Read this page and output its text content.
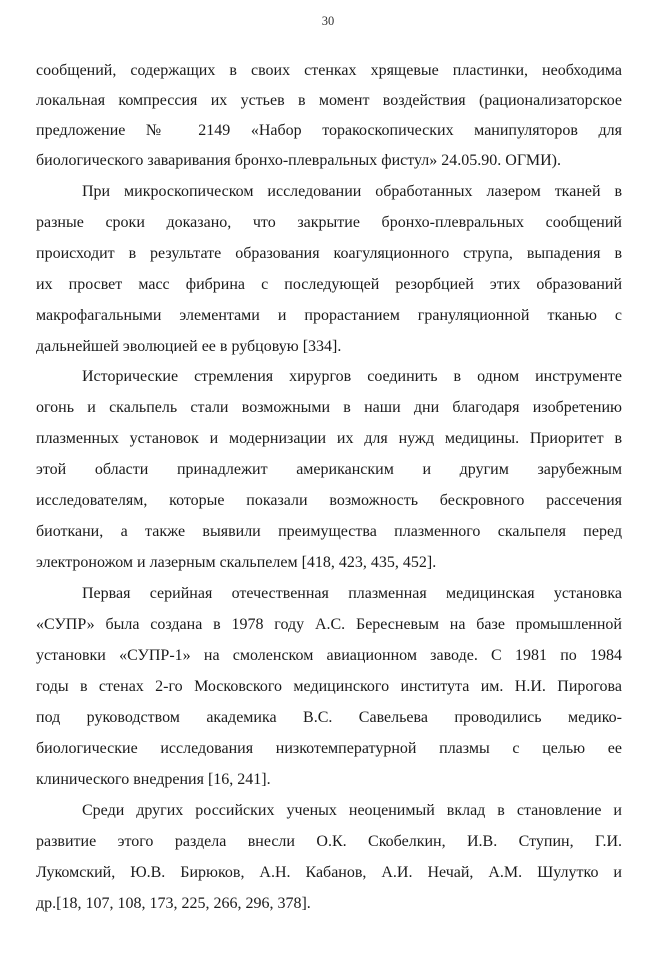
30
сообщений, содержащих в своих стенках хрящевые пластинки, необходима
локальная компрессия их устьев в момент воздействия (рационализаторское
предложение № 2149 «Набор торакоскопических манипуляторов для
биологического заваривания бронхо-плевральных фистул» 24.05.90. ОГМИ).
При микроскопическом исследовании обработанных лазером тканей в
разные сроки доказано, что закрытие бронхо-плевральных сообщений
происходит в результате образования коагуляционного струпа, выпадения в
их просвет масс фибрина с последующей резорбцией этих образований
макрофагальными элементами и прорастанием грануляционной тканью с
дальнейшей эволюцией ее в рубцовую [334].
Исторические стремления хирургов соединить в одном инструменте
огонь и скальпель стали возможными в наши дни благодаря изобретению
плазменных установок и модернизации их для нужд медицины. Приоритет в
этой области принадлежит американским и другим зарубежным
исследователям, которые показали возможность бескровного рассечения
биоткани, а также выявили преимущества плазменного скальпеля перед
электроножом и лазерным скальпелем [418, 423, 435, 452].
Первая серийная отечественная плазменная медицинская установка
«СУПР» была создана в 1978 году А.С. Бересневым на базе промышленной
установки «СУПР-1» на смоленском авиационном заводе. С 1981 по 1984
годы в стенах 2-го Московского медицинского института им. Н.И. Пирогова
под руководством академика В.С. Савельева проводились медико-
биологические исследования низкотемпературной плазмы с целью ее
клинического внедрения [16, 241].
Среди других российских ученых неоценимый вклад в становление и
развитие этого раздела внесли О.К. Скобелкин, И.В. Ступин, Г.И.
Лукомский, Ю.В. Бирюков, А.Н. Кабанов, А.И. Нечай, А.М. Шулутко и
др.[18, 107, 108, 173, 225, 266, 296, 378].
